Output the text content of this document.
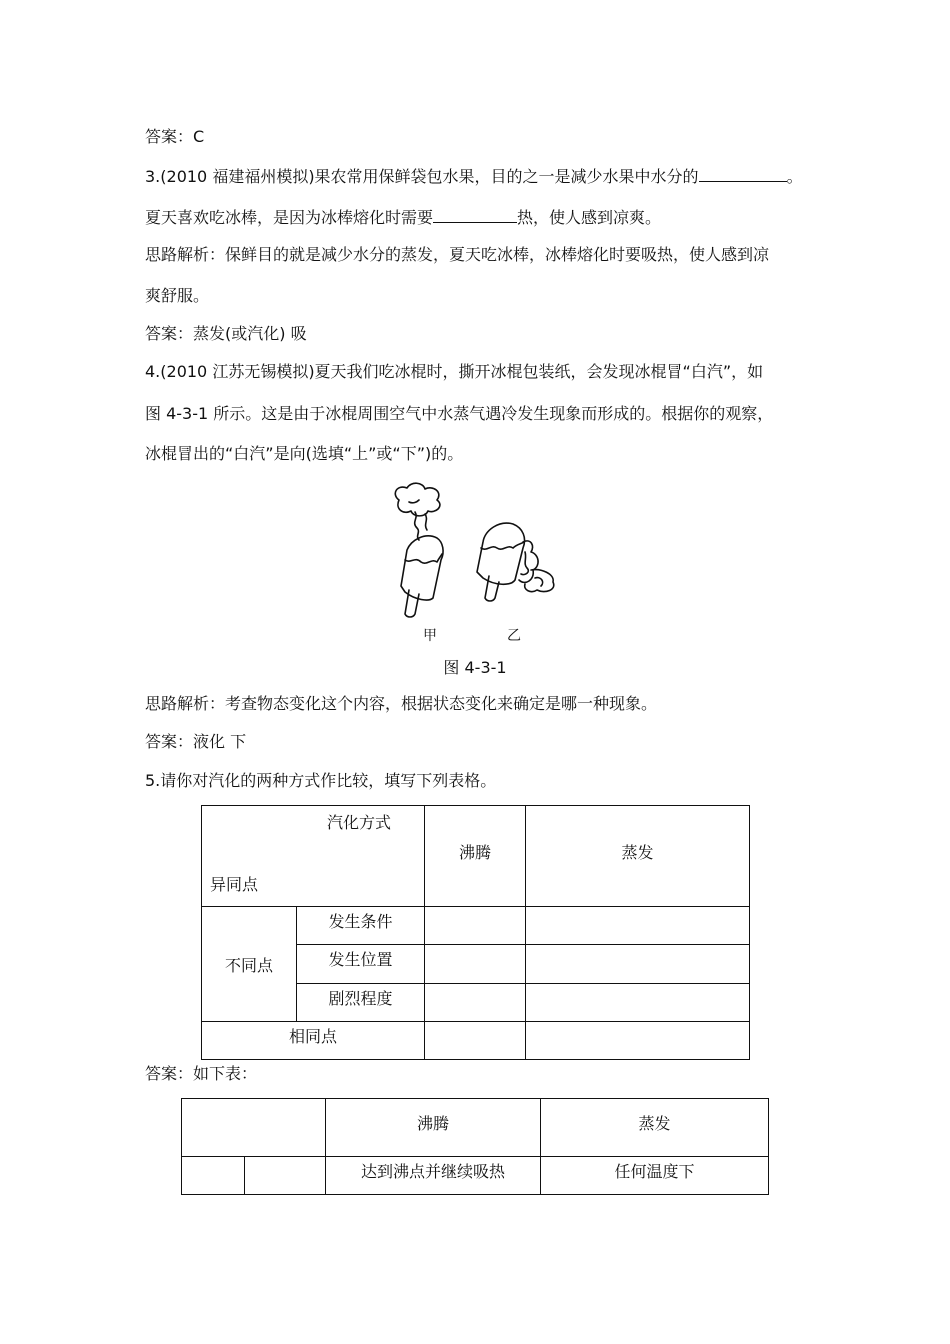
答案：C
3.(2010 福建福州模拟)果农常用保鲜袋包水果，目的之一是减少水果中水分的	。
夏天喜欢吃冰棒，是因为冰棒熔化时需要	热，使人感到凉爽。
思路解析：保鲜目的就是减少水分的蒸发，夏天吃冰棒，冰棒熔化时要吸热，使人感到凉
爽舒服。
答案：蒸发(或汽化) 吸
4.(2010 江苏无锡模拟)夏天我们吃冰棍时，撕开冰棍包装纸，会发现冰棍冒“白汽”，如
图 4-3-1 所示。这是由于冰棍周围空气中水蒸气遇冷发生现象而形成的。根据你的观察，
冰棍冒出的“白汽”是向(选填“上”或“下”)的。
甲	乙
图 4-3-1
思路解析：考查物态变化这个内容，根据状态变化来确定是哪一种现象。
答案：液化 下
5.请你对汽化的两种方式作比较，填写下列表格。
汽化方式
异同点		沸腾	蒸发
不同点	发生条件		
	发生位置		
	剧烈程度		
相同点			
答案：如下表：
		沸腾	蒸发
		达到沸点并继续吸热	任何温度下
